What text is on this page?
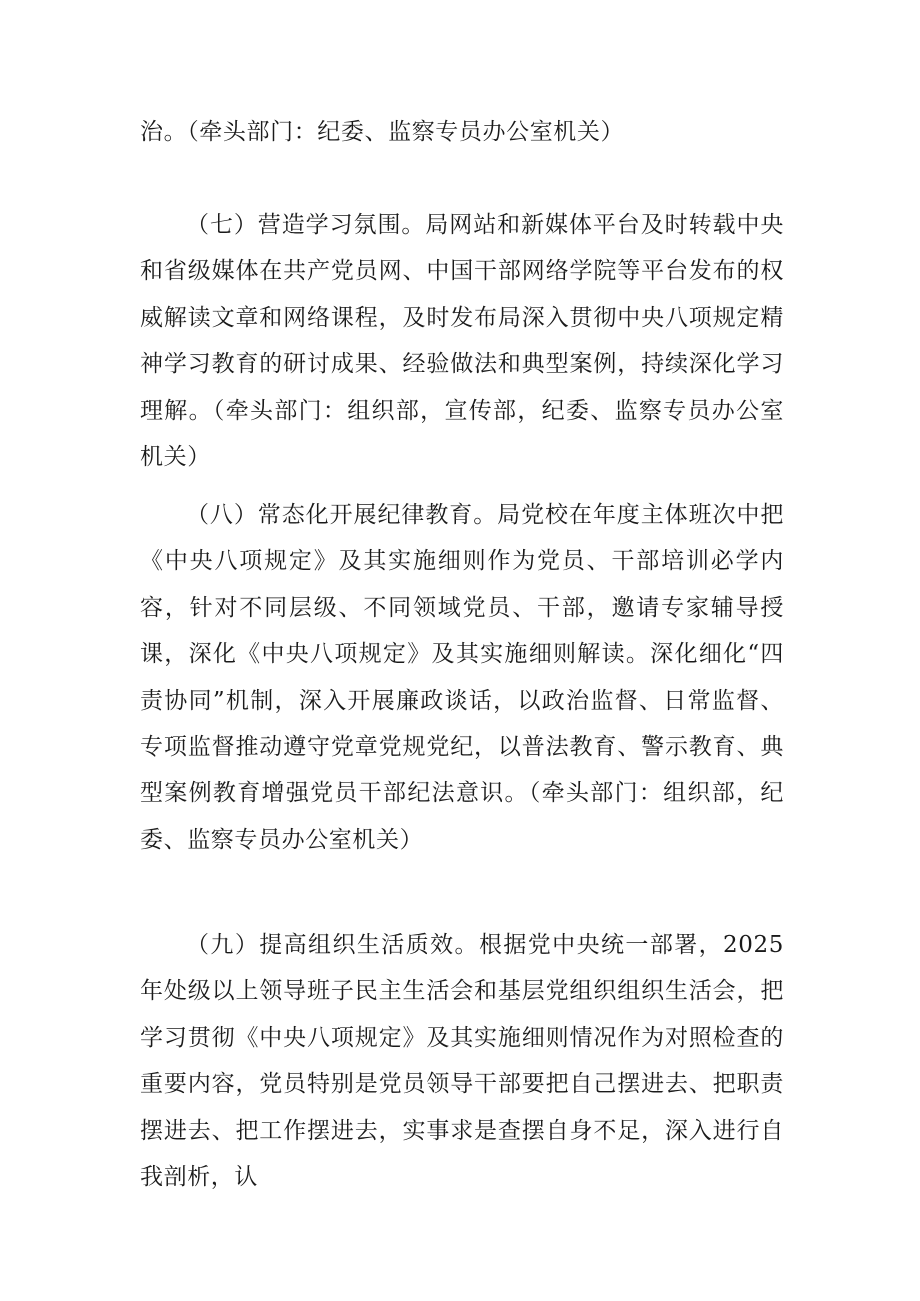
治。（牵头部门：纪委、监察专员办公室机关）

（七）营造学习氛围。局网站和新媒体平台及时转载中央和省级媒体在共产党员网、中国干部网络学院等平台发布的权威解读文章和网络课程，及时发布局深入贯彻中央八项规定精神学习教育的研讨成果、经验做法和典型案例，持续深化学习理解。（牵头部门：组织部，宣传部，纪委、监察专员办公室机关）

（八）常态化开展纪律教育。局党校在年度主体班次中把《中央八项规定》及其实施细则作为党员、干部培训必学内容，针对不同层级、不同领域党员、干部，邀请专家辅导授课，深化《中央八项规定》及其实施细则解读。深化细化“四责协同”机制，深入开展廉政谈话，以政治监督、日常监督、专项监督推动遵守党章党规党纪，以普法教育、警示教育、典型案例教育增强党员干部纪法意识。（牵头部门：组织部，纪委、监察专员办公室机关）

（九）提高组织生活质效。根据党中央统一部署，2025年处级以上领导班子民主生活会和基层党组织组织生活会，把学习贯彻《中央八项规定》及其实施细则情况作为对照检查的重要内容，党员特别是党员领导干部要把自己摆进去、把职责摆进去、把工作摆进去，实事求是查摆自身不足，深入进行自我剖析，认
